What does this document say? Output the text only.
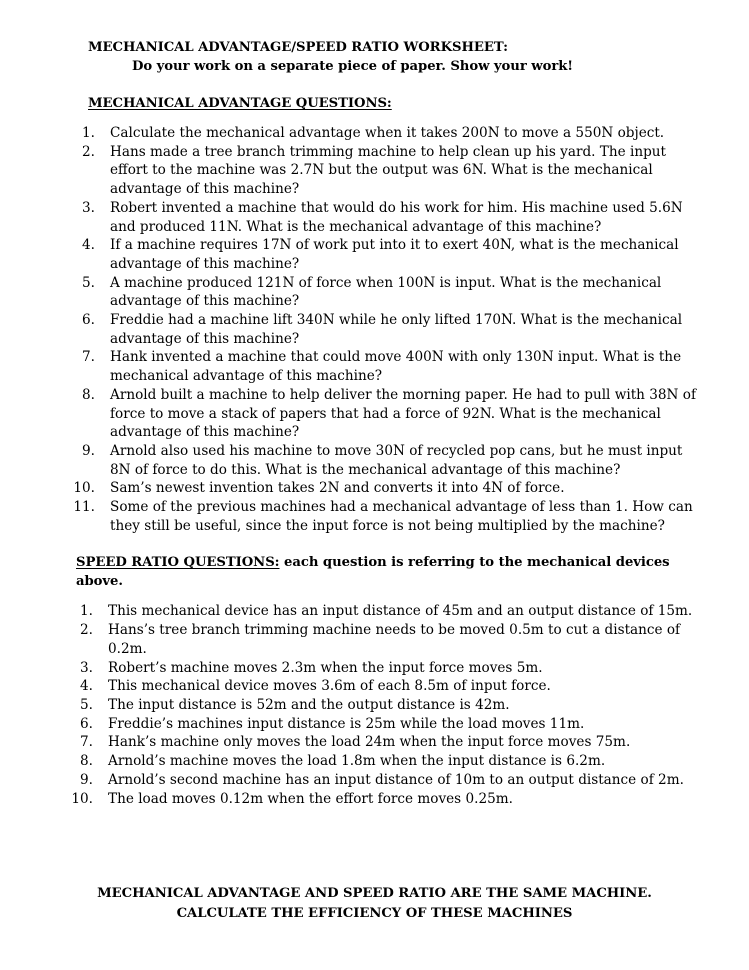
MECHANICAL ADVANTAGE/SPEED RATIO WORKSHEET:
Do your work on a separate piece of paper. Show your work!
MECHANICAL ADVANTAGE QUESTIONS:
1. Calculate the mechanical advantage when it takes 200N to move a 550N object.
2. Hans made a tree branch trimming machine to help clean up his yard. The input effort to the machine was 2.7N but the output was 6N. What is the mechanical advantage of this machine?
3. Robert invented a machine that would do his work for him. His machine used 5.6N and produced 11N. What is the mechanical advantage of this machine?
4. If a machine requires 17N of work put into it to exert 40N, what is the mechanical advantage of this machine?
5. A machine produced 121N of force when 100N is input. What is the mechanical advantage of this machine?
6. Freddie had a machine lift 340N while he only lifted 170N. What is the mechanical advantage of this machine?
7. Hank invented a machine that could move 400N with only 130N input. What is the mechanical advantage of this machine?
8. Arnold built a machine to help deliver the morning paper. He had to pull with 38N of force to move a stack of papers that had a force of 92N. What is the mechanical advantage of this machine?
9. Arnold also used his machine to move 30N of recycled pop cans, but he must input 8N of force to do this. What is the mechanical advantage of this machine?
10. Sam’s newest invention takes 2N and converts it into 4N of force.
11. Some of the previous machines had a mechanical advantage of less than 1. How can they still be useful, since the input force is not being multiplied by the machine?
SPEED RATIO QUESTIONS: each question is referring to the mechanical devices above.
1. This mechanical device has an input distance of 45m and an output distance of 15m.
2. Hans’s tree branch trimming machine needs to be moved 0.5m to cut a distance of 0.2m.
3. Robert’s machine moves 2.3m when the input force moves 5m.
4. This mechanical device moves 3.6m of each 8.5m of input force.
5. The input distance is 52m and the output distance is 42m.
6. Freddie’s machines input distance is 25m while the load moves 11m.
7. Hank’s machine only moves the load 24m when the input force moves 75m.
8. Arnold’s machine moves the load 1.8m when the input distance is 6.2m.
9. Arnold’s second machine has an input distance of 10m to an output distance of 2m.
10. The load moves 0.12m when the effort force moves 0.25m.
MECHANICAL ADVANTAGE AND SPEED RATIO ARE THE SAME MACHINE.
CALCULATE THE EFFICIENCY OF THESE MACHINES
